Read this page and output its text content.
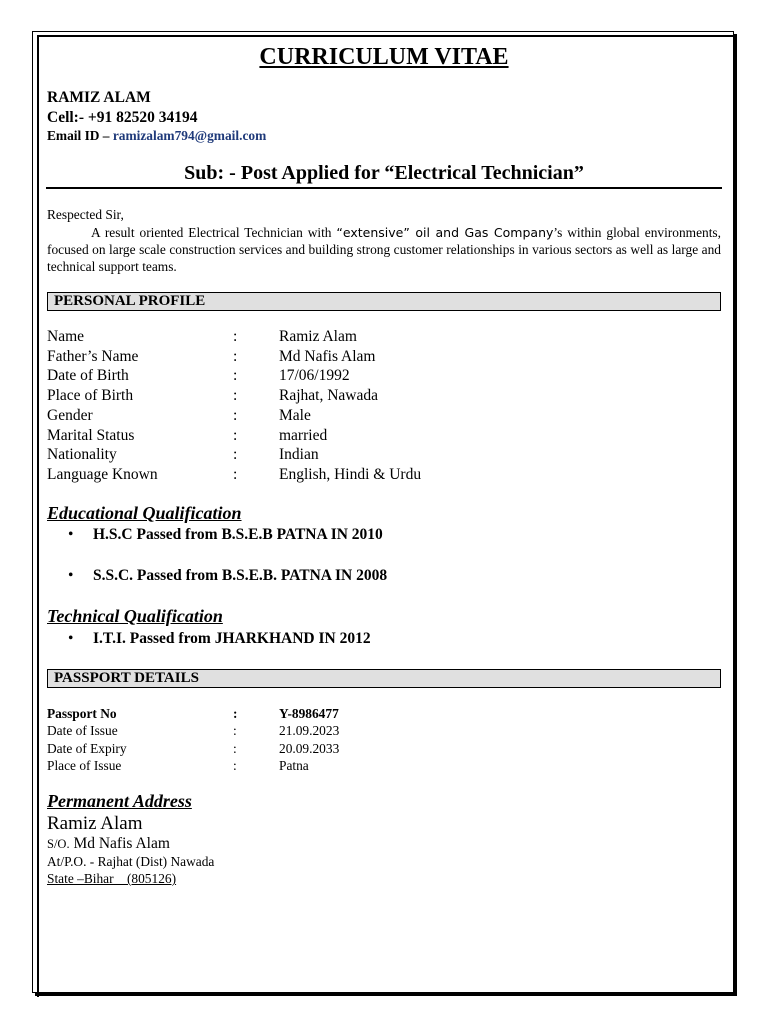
CURRICULUM VITAE
RAMIZ ALAM
Cell:- +91 82520 34194
Email ID – ramizalam794@gmail.com
Sub: - Post Applied for “Electrical Technician”
Respected Sir,
A result oriented Electrical Technician with “extensive” oil and Gas Company’s within global environments, focused on large scale construction services and building strong customer relationships in various sectors as well as large and technical support teams.
PERSONAL PROFILE
Name	:	Ramiz Alam
Father’s Name	:	Md Nafis Alam
Date of Birth	:	17/06/1992
Place of Birth	:	Rajhat, Nawada
Gender	:	Male
Marital Status	:	married
Nationality	:	Indian
Language Known	:	English, Hindi & Urdu
Educational Qualification
• H.S.C Passed from B.S.E.B PATNA IN 2010
• S.S.C. Passed from B.S.E.B. PATNA IN 2008
Technical Qualification
• I.T.I. Passed from JHARKHAND IN 2012
PASSPORT DETAILS
Passport No	:	Y-8986477
Date of Issue	:	21.09.2023
Date of Expiry	:	20.09.2033
Place of Issue	:	Patna
Permanent Address
Ramiz Alam
S/O. Md Nafis Alam
At/P.O. - Rajhat (Dist) Nawada
State –Bihar    (805126)
